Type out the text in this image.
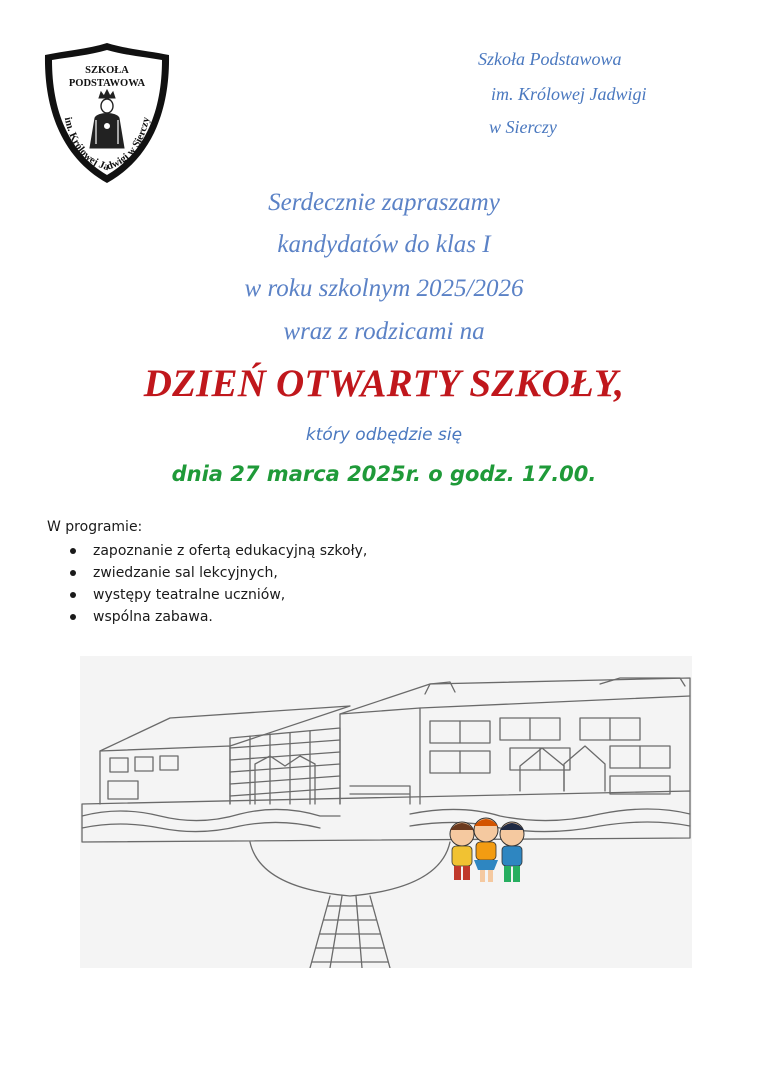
SZKOŁA
PODSTAWOWA
im. Królowej Jadwigi w Sierczy
Szkoła Podstawowa
im. Królowej Jadwigi
w Sierczy
Serdecznie zapraszamy
kandydatów do klas I
w roku szkolnym 2025/2026
wraz z rodzicami na
DZIEŃ OTWARTY SZKOŁY,
który odbędzie się
dnia 27 marca 2025r. o godz. 17.00.
W programie:
zapoznanie z ofertą edukacyjną szkoły,
zwiedzanie sal lekcyjnych,
występy teatralne uczniów,
wspólna zabawa.
